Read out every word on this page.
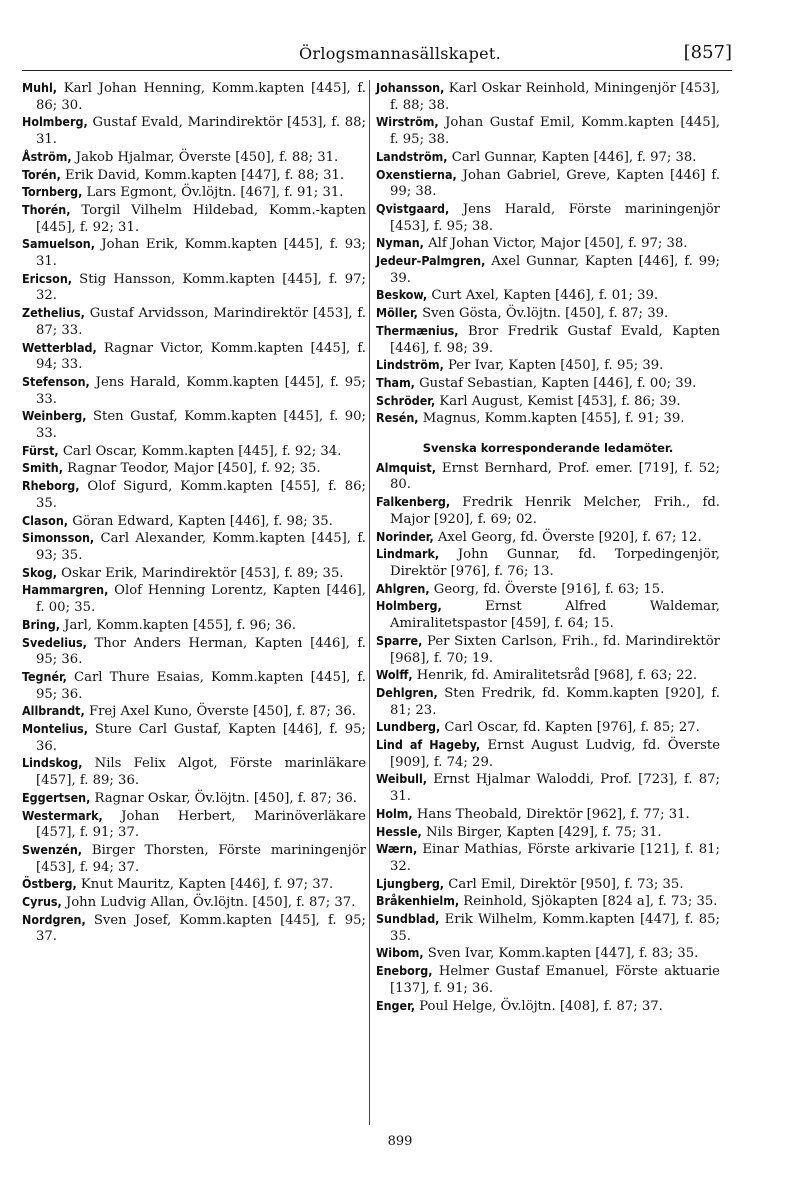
Örlogsmannasällskapet.	[857]
Muhl, Karl Johan Henning, Komm.kapten [445], f. 86; 30.
Holmberg, Gustaf Evald, Marindirektör [453], f. 88; 31.
Åström, Jakob Hjalmar, Överste [450], f. 88; 31.
Torén, Erik David, Komm.kapten [447], f. 88; 31.
Tornberg, Lars Egmont, Öv.löjtn. [467], f. 91; 31.
Thorén, Torgil Vilhelm Hildebad, Komm.-kapten [445], f. 92; 31.
Samuelson, Johan Erik, Komm.kapten [445], f. 93; 31.
Ericson, Stig Hansson, Komm.kapten [445], f. 97; 32.
Zethelius, Gustaf Arvidsson, Marindirektör [453], f. 87; 33.
Wetterblad, Ragnar Victor, Komm.kapten [445], f. 94; 33.
Stefenson, Jens Harald, Komm.kapten [445], f. 95; 33.
Weinberg, Sten Gustaf, Komm.kapten [445], f. 90; 33.
Fürst, Carl Oscar, Komm.kapten [445], f. 92; 34.
Smith, Ragnar Teodor, Major [450], f. 92; 35.
Rheborg, Olof Sigurd, Komm.kapten [455], f. 86; 35.
Clason, Göran Edward, Kapten [446], f. 98; 35.
Simonsson, Carl Alexander, Komm.kapten [445], f. 93; 35.
Skog, Oskar Erik, Marindirektör [453], f. 89; 35.
Hammargren, Olof Henning Lorentz, Kapten [446], f. 00; 35.
Bring, Jarl, Komm.kapten [455], f. 96; 36.
Svedelius, Thor Anders Herman, Kapten [446], f. 95; 36.
Tegnér, Carl Thure Esaias, Komm.kapten [445], f. 95; 36.
Allbrandt, Frej Axel Kuno, Överste [450], f. 87; 36.
Montelius, Sture Carl Gustaf, Kapten [446], f. 95; 36.
Lindskog, Nils Felix Algot, Förste marinläkare [457], f. 89; 36.
Eggertsen, Ragnar Oskar, Öv.löjtn. [450], f. 87; 36.
Westermark, Johan Herbert, Marinöverläkare [457], f. 91; 37.
Swenzén, Birger Thorsten, Förste mariningenjör [453], f. 94; 37.
Östberg, Knut Mauritz, Kapten [446], f. 97; 37.
Cyrus, John Ludvig Allan, Öv.löjtn. [450], f. 87; 37.
Nordgren, Sven Josef, Komm.kapten [445], f. 95; 37.
Johansson, Karl Oskar Reinhold, Miningenjör [453], f. 88; 38.
Wirström, Johan Gustaf Emil, Komm.kapten [445], f. 95; 38.
Landström, Carl Gunnar, Kapten [446], f. 97; 38.
Oxenstierna, Johan Gabriel, Greve, Kapten [446] f. 99; 38.
Qvistgaard, Jens Harald, Förste mariningenjör [453], f. 95; 38.
Nyman, Alf Johan Victor, Major [450], f. 97; 38.
Jedeur-Palmgren, Axel Gunnar, Kapten [446], f. 99; 39.
Beskow, Curt Axel, Kapten [446], f. 01; 39.
Möller, Sven Gösta, Öv.löjtn. [450], f. 87; 39.
Thermænius, Bror Fredrik Gustaf Evald, Kapten [446], f. 98; 39.
Lindström, Per Ivar, Kapten [450], f. 95; 39.
Tham, Gustaf Sebastian, Kapten [446], f. 00; 39.
Schröder, Karl August, Kemist [453], f. 86; 39.
Resén, Magnus, Komm.kapten [455], f. 91; 39.
Svenska korresponderande ledamöter.
Almquist, Ernst Bernhard, Prof. emer. [719], f. 52; 80.
Falkenberg, Fredrik Henrik Melcher, Frih., fd. Major [920], f. 69; 02.
Norinder, Axel Georg, fd. Överste [920], f. 67; 12.
Lindmark, John Gunnar, fd. Torpedingenjör, Direktör [976], f. 76; 13.
Ahlgren, Georg, fd. Överste [916], f. 63; 15.
Holmberg, Ernst Alfred Waldemar, Amiralitetspastor [459], f. 64; 15.
Sparre, Per Sixten Carlson, Frih., fd. Marindirektör [968], f. 70; 19.
Wolff, Henrik, fd. Amiralitetsråd [968], f. 63; 22.
Dehlgren, Sten Fredrik, fd. Komm.kapten [920], f. 81; 23.
Lundberg, Carl Oscar, fd. Kapten [976], f. 85; 27.
Lind af Hageby, Ernst August Ludvig, fd. Överste [909], f. 74; 29.
Weibull, Ernst Hjalmar Waloddi, Prof. [723], f. 87; 31.
Holm, Hans Theobald, Direktör [962], f. 77; 31.
Hessle, Nils Birger, Kapten [429], f. 75; 31.
Wærn, Einar Mathias, Förste arkivarie [121], f. 81; 32.
Ljungberg, Carl Emil, Direktör [950], f. 73; 35.
Bråkenhielm, Reinhold, Sjökapten [824 a], f. 73; 35.
Sundblad, Erik Wilhelm, Komm.kapten [447], f. 85; 35.
Wibom, Sven Ivar, Komm.kapten [447], f. 83; 35.
Eneborg, Helmer Gustaf Emanuel, Förste aktuarie [137], f. 91; 36.
Enger, Poul Helge, Öv.löjtn. [408], f. 87; 37.
899
